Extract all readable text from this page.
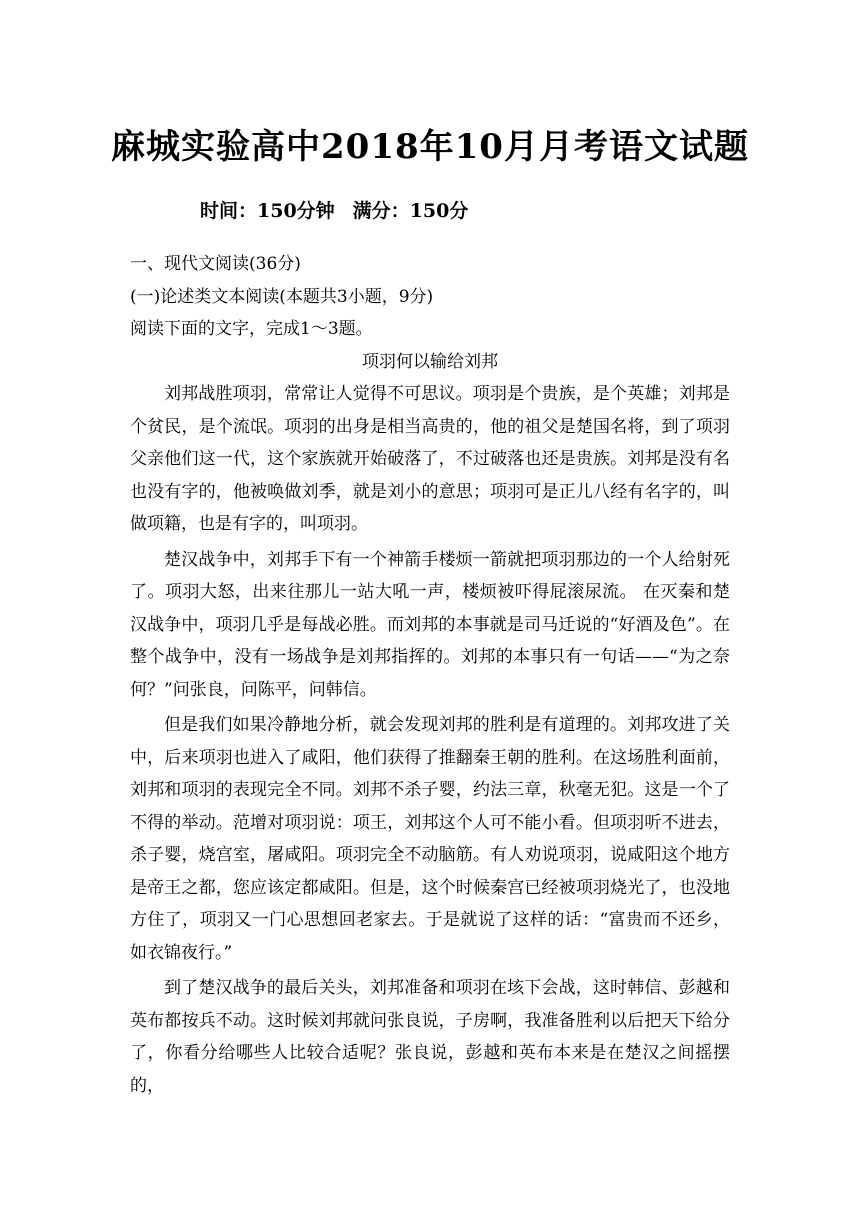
麻城实验高中2018年10月月考语文试题
时间：150分钟 满分：150分
一、现代文阅读(36分)
(一)论述类文本阅读(本题共3小题，9分)
阅读下面的文字，完成1～3题。
项羽何以输给刘邦
刘邦战胜项羽，常常让人觉得不可思议。项羽是个贵族，是个英雄；刘邦是个贫民，是个流氓。项羽的出身是相当高贵的，他的祖父是楚国名将，到了项羽父亲他们这一代，这个家族就开始破落了，不过破落也还是贵族。刘邦是没有名也没有字的，他被唤做刘季，就是刘小的意思；项羽可是正儿八经有名字的，叫做项籍，也是有字的，叫项羽。
楚汉战争中，刘邦手下有一个神箭手楼烦一箭就把项羽那边的一个人给射死了。项羽大怒，出来往那儿一站大吼一声，楼烦被吓得屁滚尿流。 在灭秦和楚汉战争中，项羽几乎是每战必胜。而刘邦的本事就是司马迁说的“好酒及色”。在整个战争中，没有一场战争是刘邦指挥的。刘邦的本事只有一句话——“为之奈何？”问张良，问陈平，问韩信。
但是我们如果冷静地分析，就会发现刘邦的胜利是有道理的。刘邦攻进了关中，后来项羽也进入了咸阳，他们获得了推翻秦王朝的胜利。在这场胜利面前，刘邦和项羽的表现完全不同。刘邦不杀子婴，约法三章，秋毫无犯。这是一个了不得的举动。范增对项羽说：项王，刘邦这个人可不能小看。但项羽听不进去，杀子婴，烧宫室，屠咸阳。项羽完全不动脑筋。有人劝说项羽，说咸阳这个地方是帝王之都，您应该定都咸阳。但是，这个时候秦宫已经被项羽烧光了，也没地方住了，项羽又一门心思想回老家去。于是就说了这样的话：“富贵而不还乡，如衣锦夜行。”
到了楚汉战争的最后关头，刘邦准备和项羽在垓下会战，这时韩信、彭越和英布都按兵不动。这时候刘邦就问张良说，子房啊，我准备胜利以后把天下给分了，你看分给哪些人比较合适呢？张良说，彭越和英布本来是在楚汉之间摇摆的，
